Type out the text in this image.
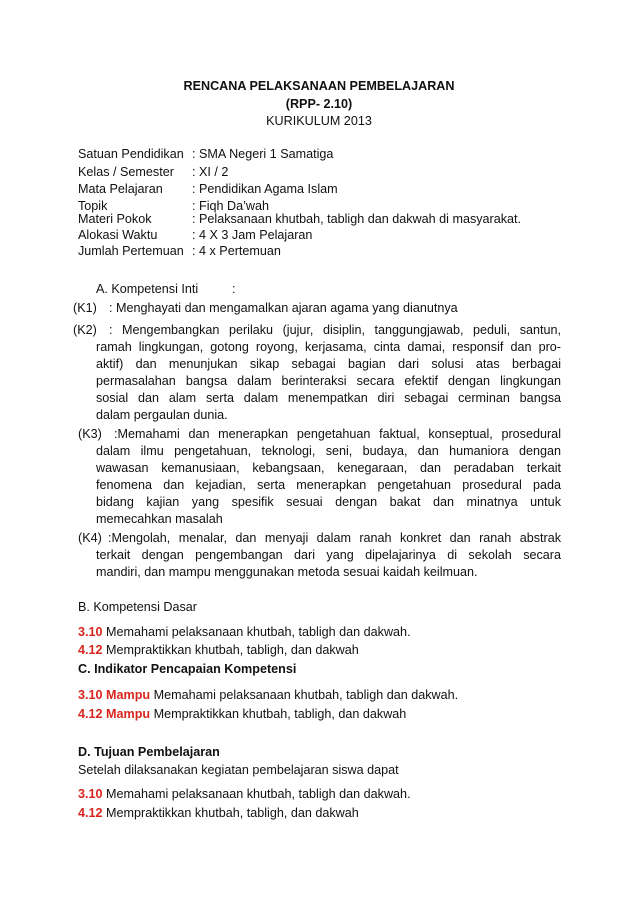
RENCANA PELAKSANAAN PEMBELAJARAN
(RPP- 2.10)
KURIKULUM 2013
Satuan Pendidikan : SMA Negeri 1 Samatiga
Kelas / Semester : XI / 2
Mata Pelajaran : Pendidikan Agama Islam
Topik	: Fiqh Da’wah
Materi Pokok	: Pelaksanaan khutbah, tabligh dan dakwah di masyarakat.
Alokasi Waktu	: 4 X 3 Jam Pelajaran
Jumlah Pertemuan : 4 x Pertemuan
A. Kompetensi Inti	:
(K1) : Menghayati dan mengamalkan ajaran agama yang dianutnya
(K2) : Mengembangkan perilaku (jujur, disiplin, tanggungjawab, peduli, santun,
ramah lingkungan, gotong royong, kerjasama, cinta damai, responsif dan pro-
aktif) dan menunjukan sikap sebagai bagian dari solusi atas berbagai
permasalahan bangsa dalam berinteraksi secara efektif dengan lingkungan
sosial dan alam serta dalam menempatkan diri sebagai cerminan bangsa
dalam pergaulan dunia.
(K3) :Memahami dan menerapkan pengetahuan faktual, konseptual, prosedural
dalam ilmu pengetahuan, teknologi, seni, budaya, dan humaniora dengan
wawasan kemanusiaan, kebangsaan, kenegaraan, dan peradaban terkait
fenomena dan kejadian, serta menerapkan pengetahuan prosedural pada
bidang kajian yang spesifik sesuai dengan bakat dan minatnya untuk
memecahkan masalah
(K4) :Mengolah, menalar, dan menyaji dalam ranah konkret dan ranah abstrak
terkait dengan pengembangan dari yang dipelajarinya di sekolah secara
mandiri, dan mampu menggunakan metoda sesuai kaidah keilmuan.
B. Kompetensi Dasar
3.10 Memahami pelaksanaan khutbah, tabligh dan dakwah.
4.12 Mempraktikkan khutbah, tabligh, dan dakwah
C. Indikator Pencapaian Kompetensi
3.10 Mampu Memahami pelaksanaan khutbah, tabligh dan dakwah.
4.12 Mampu Mempraktikkan khutbah, tabligh, dan dakwah
D. Tujuan Pembelajaran
Setelah dilaksanakan kegiatan pembelajaran siswa dapat
3.10 Memahami pelaksanaan khutbah, tabligh dan dakwah.
4.12 Mempraktikkan khutbah, tabligh, dan dakwah
